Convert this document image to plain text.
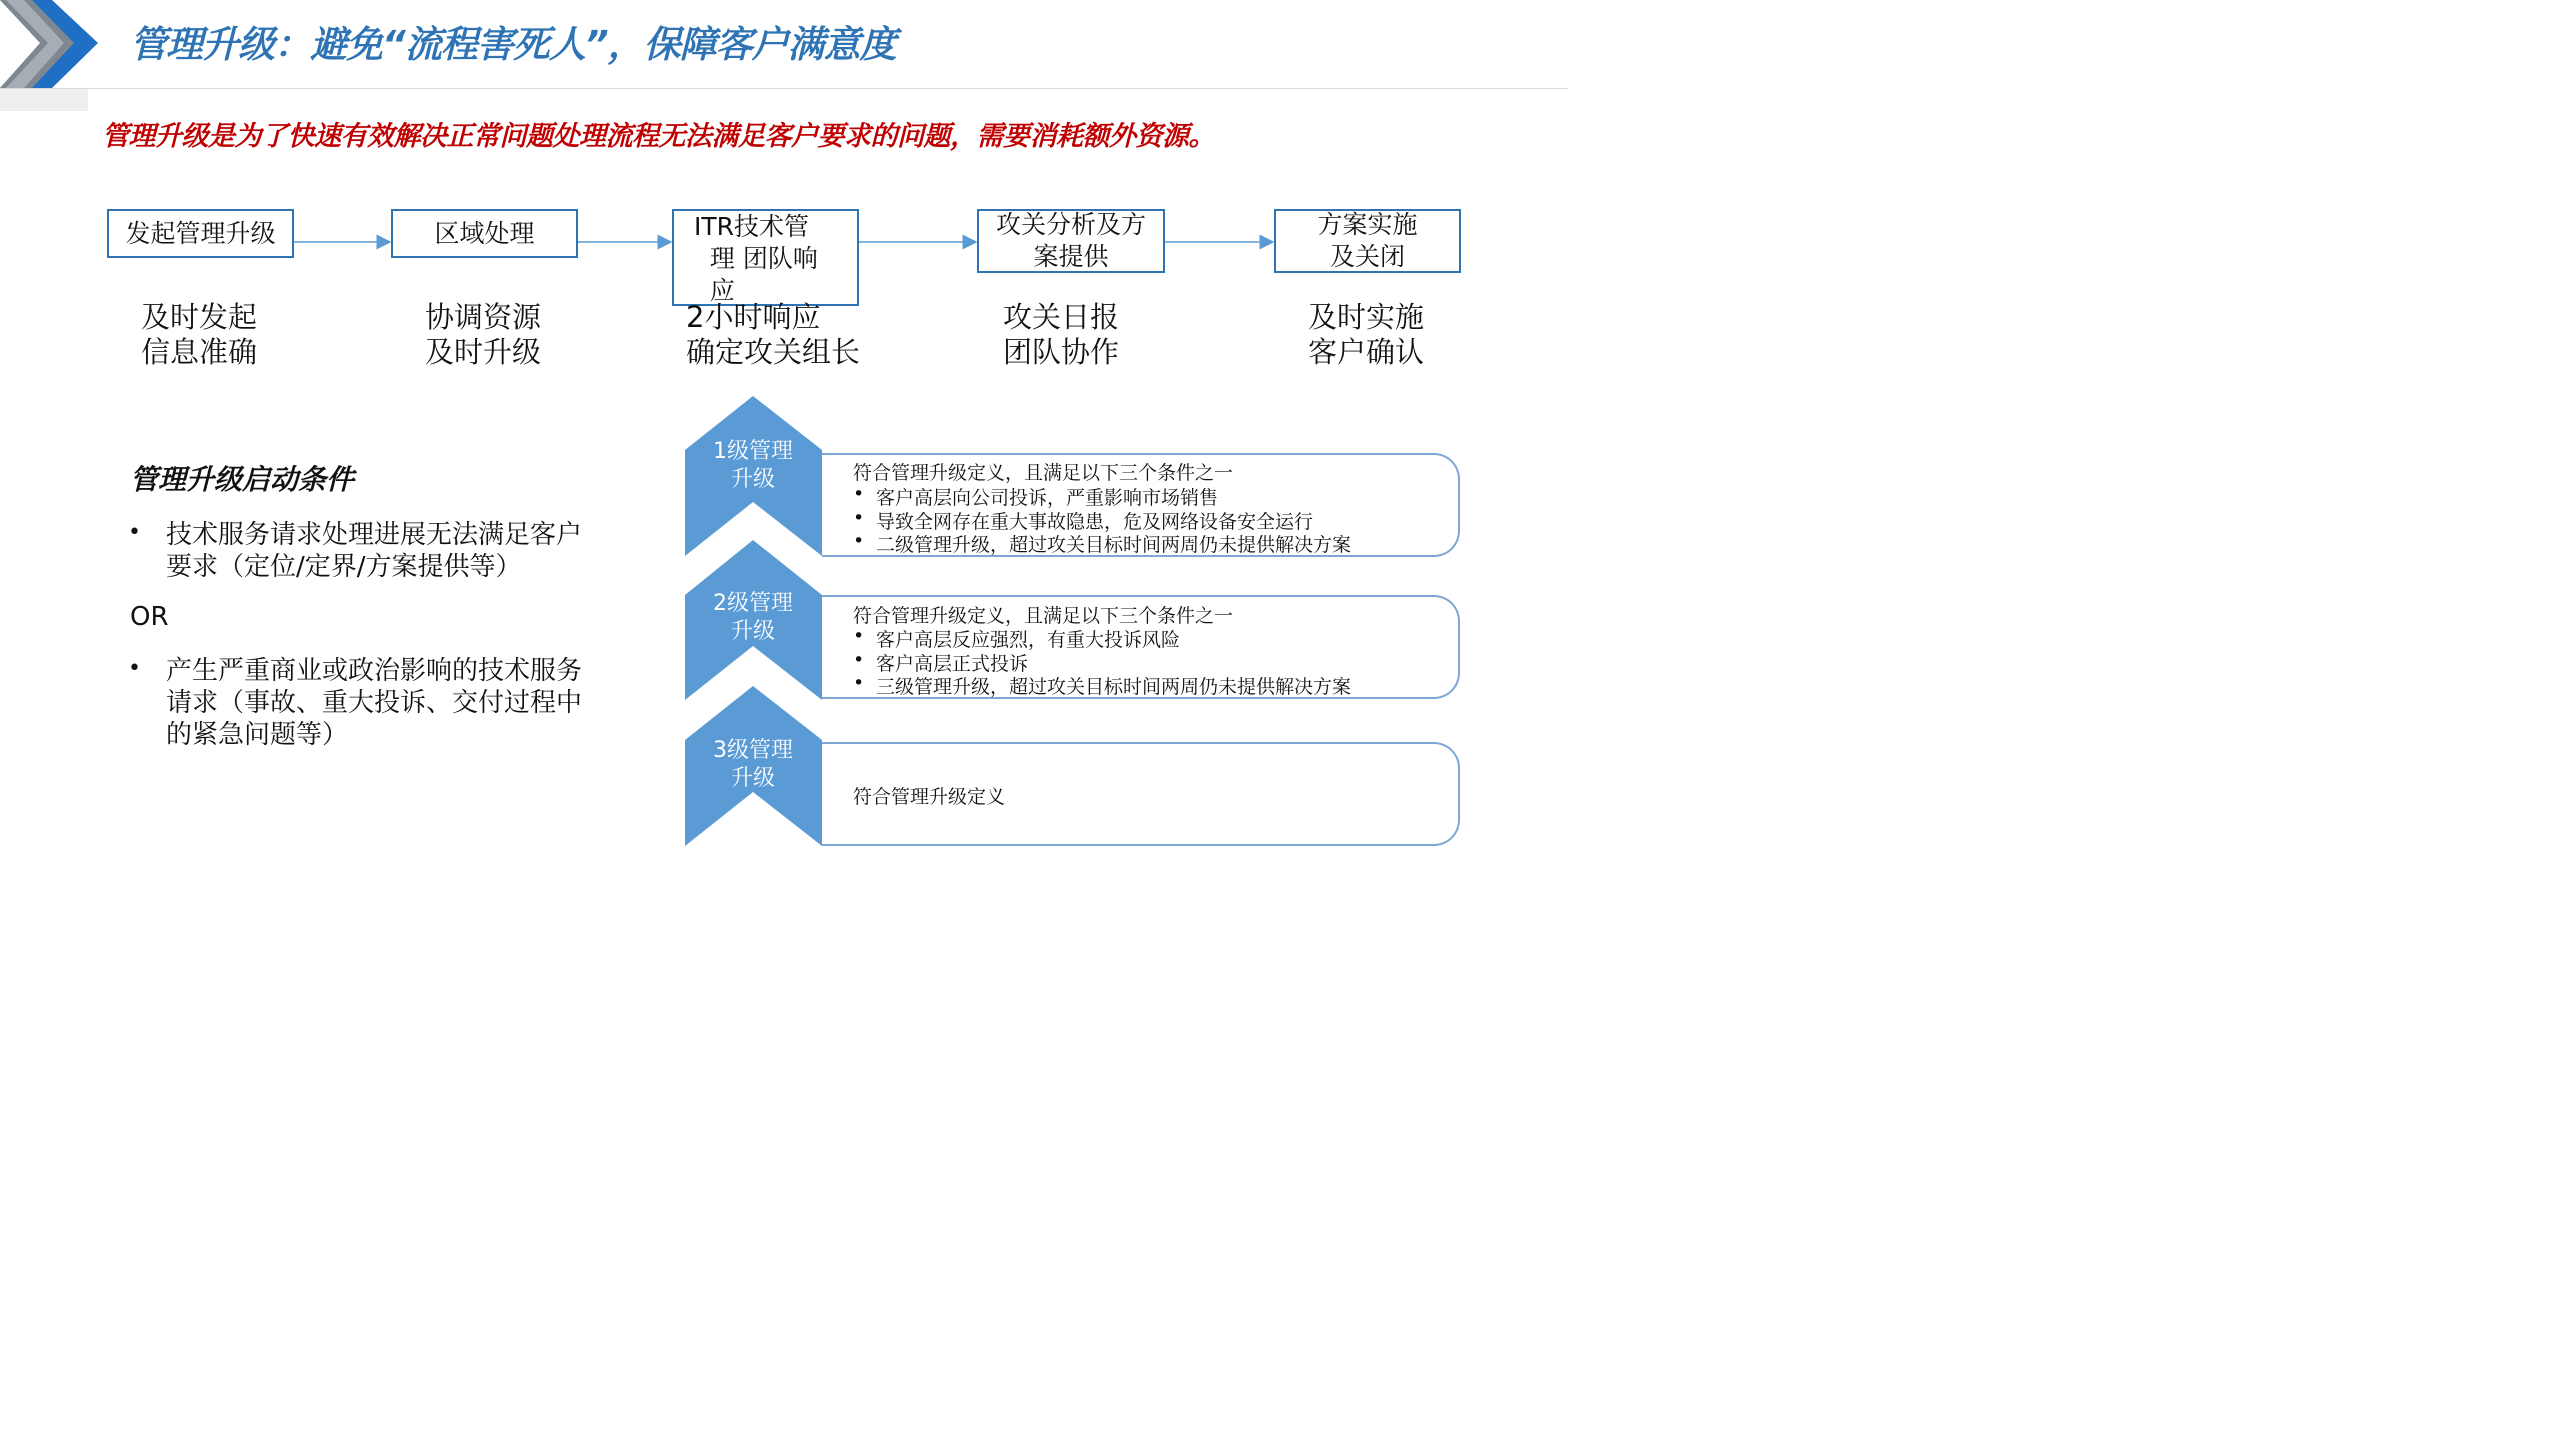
管理升级：避免“流程害死人”，保障客户满意度
管理升级是为了快速有效解决正常问题处理流程无法满足客户要求的问题，需要消耗额外资源。
发起管理升级	区域处理	ITR技术管
理 团队响
应
攻关分析及方
案提供
方案实施
及关闭
及时发起
信息准确
协调资源
及时升级
2小时响应
确定攻关组长
攻关日报
团队协作
及时实施
客户确认
管理升级启动条件
• 技术服务请求处理进展无法满足客户
要求（定位/定界/方案提供等）
OR
• 产生严重商业或政治影响的技术服务
请求（事故、重大投诉、交付过程中
的紧急问题等）
1级管理
升级
2级管理
升级
3级管理
升级
符合管理升级定义，且满足以下三个条件之一
• 客户高层向公司投诉，严重影响市场销售
• 导致全网存在重大事故隐患，危及网络设备安全运行
• 二级管理升级，超过攻关目标时间两周仍未提供解决方案
符合管理升级定义，且满足以下三个条件之一
• 客户高层反应强烈，有重大投诉风险
• 客户高层正式投诉
• 三级管理升级，超过攻关目标时间两周仍未提供解决方案
符合管理升级定义
